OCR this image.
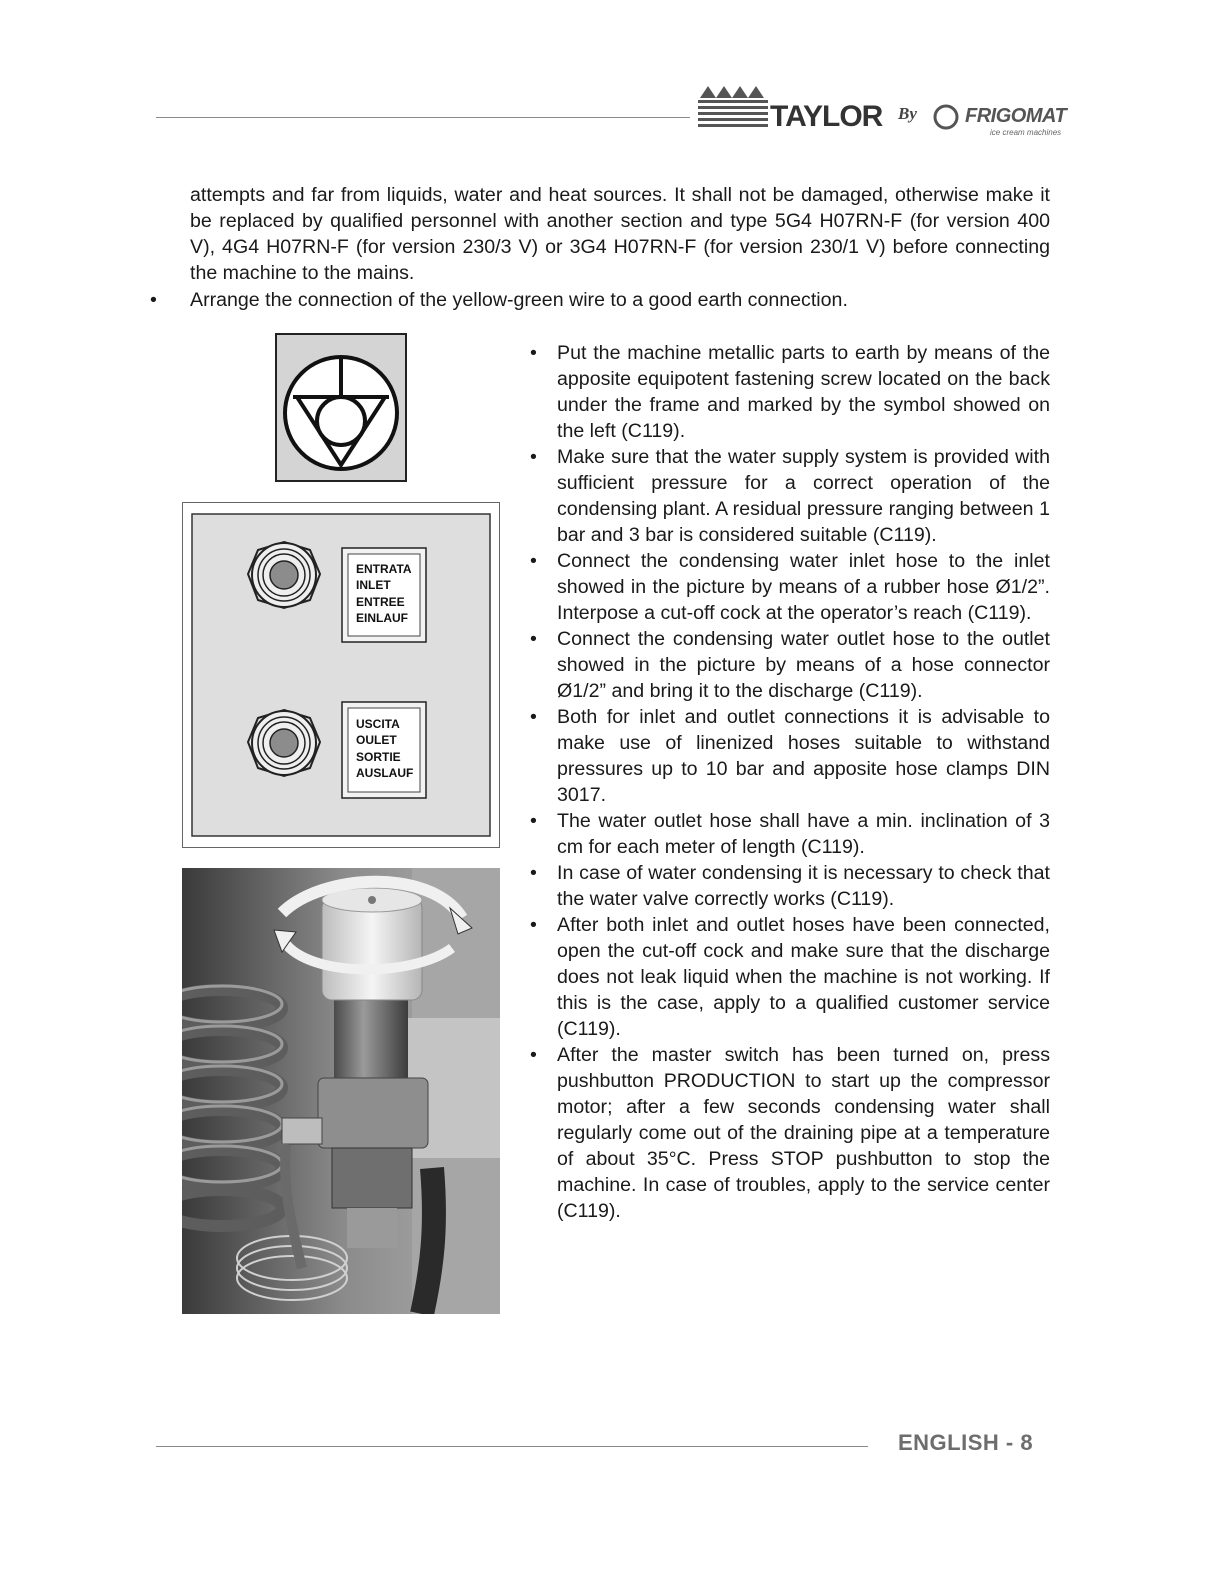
TAYLOR By FRIGOMAT
ice cream machines
attempts and far from liquids, water and heat sources. It shall not be damaged, otherwise make it be replaced by qualified personnel with another section and type 5G4 H07RN-F (for version 400 V), 4G4 H07RN-F (for version 230/3 V) or 3G4 H07RN-F (for version 230/1 V) before connecting the machine to the mains.
• Arrange the connection of the yellow-green wire to a good earth connection.
• Put the machine metallic parts to earth by means of the apposite equipotent fastening screw located on the back under the frame and marked by the symbol showed on the left (C119).
• Make sure that the water supply system is provided with sufficient pressure for a correct operation of the condensing plant. A residual pressure ranging between 1 bar and 3 bar is considered suitable (C119).
• Connect the condensing water inlet hose to the inlet showed in the picture by means of a rubber hose Ø1/2”. Interpose a cut-off cock at the operator’s reach (C119).
• Connect the condensing water outlet hose to the outlet showed in the picture by means of a hose connector Ø1/2” and bring it to the discharge (C119).
• Both for inlet and outlet connections it is advisable to make use of linenized hoses suitable to withstand pressures up to 10 bar and apposite hose clamps DIN 3017.
• The water outlet hose shall have a min. inclination of 3 cm for each meter of length (C119).
• In case of water condensing it is necessary to check that the water valve correctly works (C119).
• After both inlet and outlet hoses have been connected, open the cut-off cock and make sure that the discharge does not leak liquid when the machine is not working. If this is the case, apply to a qualified customer service (C119).
• After the master switch has been turned on, press pushbutton PRODUCTION to start up the compressor motor; after a few seconds condensing water shall regularly come out of the draining pipe at a temperature of about 35°C. Press STOP pushbutton to stop the machine. In case of troubles, apply to the service center (C119).
ENTRATA
INLET
ENTREE
EINLAUF
USCITA
OULET
SORTIE
AUSLAUF
ENGLISH - 8
